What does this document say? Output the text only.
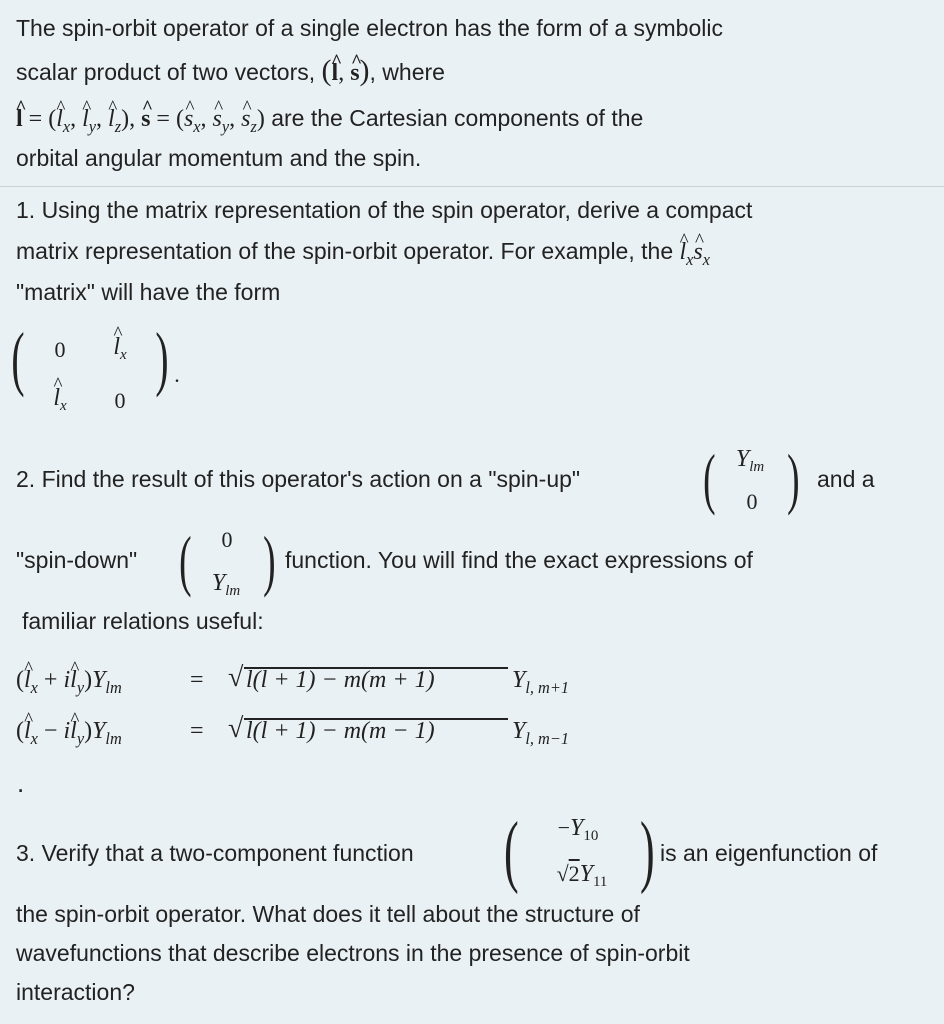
The spin-orbit operator of a single electron has the form of a symbolic
scalar product of two vectors, (^ l, ^ s), where
^ l = (^ $l_x$, ^ $l_y$, ^ $l_z$), ^ s = (^ $s_x$, ^ $s_y$, ^ $s_z$) are the Cartesian components of the
orbital angular momentum and the spin.
1. Using the matrix representation of the spin operator, derive a compact
matrix representation of the spin-orbit operator. For example, the ^ $l_x\^{}$ $s_x$
"matrix" will have the form
( 0	^ $l_x$
^ $l_x$	0
) .
2. Find the result of this operator's action on a "spin-up" ( $Y_{lm}$
0 ) and a
"spin-down" (	0
$Y_{lm}$ ) function. You will find the exact expressions of
familiar relations useful:
(^ $l_x$ + i^ $l_y)Y_{lm}$	= √ l(l + 1) − m(m + 1)	$Y_{l, m+1}$
(^ $l_x$ − i^ $l_y)Y_{lm}$	= √ l(l + 1) − m(m − 1)	$Y_{l, m-1}$
.
3. Verify that a two-component function (	$-Y_{10}$
$√2Y_{11}$ ) is an eigenfunction of
the spin-orbit operator. What does it tell about the structure of
wavefunctions that describe electrons in the presence of spin-orbit
interaction?
